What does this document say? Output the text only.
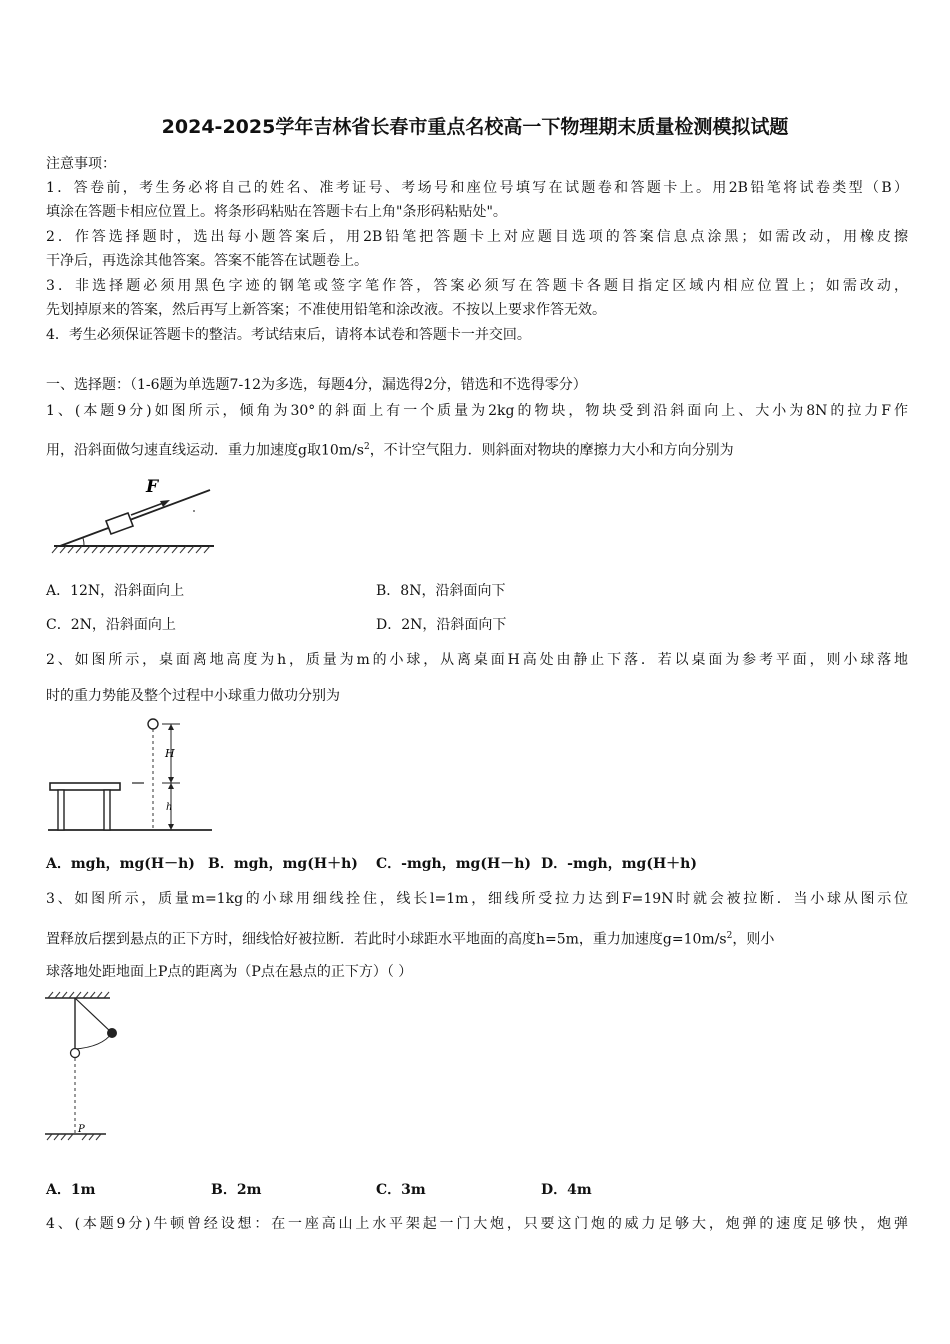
2024-2025学年吉林省长春市重点名校高一下物理期末质量检测模拟试题
注意事项：
1．答卷前，考生务必将自己的姓名、准考证号、考场号和座位号填写在试题卷和答题卡上。用2B铅笔将试卷类型（B）
填涂在答题卡相应位置上。将条形码粘贴在答题卡右上角"条形码粘贴处"。
2．作答选择题时，选出每小题答案后，用2B铅笔把答题卡上对应题目选项的答案信息点涂黑；如需改动，用橡皮擦
干净后，再选涂其他答案。答案不能答在试题卷上。
3．非选择题必须用黑色字迹的钢笔或签字笔作答，答案必须写在答题卡各题目指定区域内相应位置上；如需改动，
先划掉原来的答案，然后再写上新答案；不准使用铅笔和涂改液。不按以上要求作答无效。
4．考生必须保证答题卡的整洁。考试结束后，请将本试卷和答题卡一并交回。
一、选择题：（1-6题为单选题7-12为多选，每题4分，漏选得2分，错选和不选得零分）
1、(本题9分)如图所示，倾角为30°的斜面上有一个质量为2kg的物块，物块受到沿斜面向上、大小为8N的拉力F作
用，沿斜面做匀速直线运动．重力加速度g取$10m/s^2$，不计空气阻力．则斜面对物块的摩擦力大小和方向分别为
F
A．12N，沿斜面向上	B．8N，沿斜面向下
C．2N，沿斜面向上	D．2N，沿斜面向下
2、如图所示，桌面离地高度为h，质量为m的小球，从离桌面H高处由静止下落．若以桌面为参考平面，则小球落地
时的重力势能及整个过程中小球重力做功分别为
H
h
A．mgh，mg(H－h) B．mgh，mg(H＋h) C．-mgh，mg(H－h) D．-mgh，mg(H＋h)
3、如图所示，质量m=1kg的小球用细线拴住，线长l=1m，细线所受拉力达到F=19N时就会被拉断．当小球从图示位
置释放后摆到悬点的正下方时，细线恰好被拉断．若此时小球距水平地面的高度h=5m，重力加速度$g=10m/s^2$，则小
球落地处距地面上P点的距离为（P点在悬点的正下方）（ ）
P
A．1m	B．2m	C．3m	D．4m
4、(本题9分)牛顿曾经设想：在一座高山上水平架起一门大炮，只要这门炮的威力足够大，炮弹的速度足够快，炮弹
